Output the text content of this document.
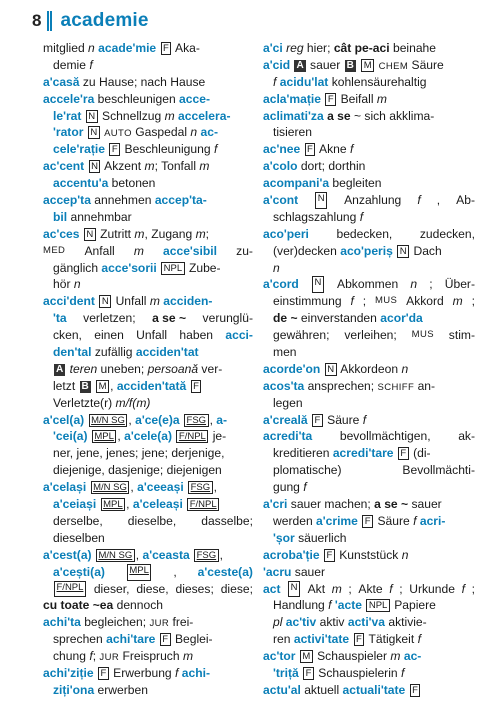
8 academie
mitglied n acade'mie F Aka-
demie f
a'casă zu Hause; nach Hause
accele'ra beschleunigen acce-
le'rat N Schnellzug m accelera-
'rator N AUTO Gaspedal n ac-
cele'rație F Beschleunigung f
ac'cent N Akzent m; Tonfall m
accentu'a betonen
accep'ta annehmen accep'ta-
bil annehmbar
ac'ces N Zutritt m, Zugang m;
MED Anfall m acce'sibil zu-
gänglich acce'sorii NPL Zube-
hör n
acci'dent N Unfall m acciden-
'ta verletzen; a se ~ verunglü-
cken, einen Unfall haben acci-
den'tal zufällig acciden'tat
A teren uneben; persoană ver-
letzt B M , acciden'tată F
Verletzte(r) m/f(m)
a'cel(a) M/N SG , a'ce(e)a FSG , a-
'cei(a) MPL , a'cele(a) F/NPL je-
ner, jene, jenes; jene; derjenige,
diejenige, dasjenige; diejenigen
a'celași M/N SG , a'ceeași FSG ,
a'ceiași MPL , a'celeași F/NPL
derselbe, dieselbe, dasselbe;
dieselben
a'cest(a) M/N SG , a'ceasta FSG ,
a'cești(a)	MPL , a'ceste(a)
F/NPL dieser, diese, dieses; diese;
cu toate ~ea dennoch
achi'ta begleichen; JUR frei-
sprechen achi'tare F Beglei-
chung f; JUR Freispruch m
achi'ziție F Erwerbung f achi-
ziți'ona erwerben
a'ci reg hier; cât pe-aci beinahe
a'cid A sauer B M CHEM Säure
f acidu'lat kohlensäurehaltig
acla'mație F Beifall m
aclimati'za a se ~ sich akklima-
tisieren
ac'nee F Akne f
a'colo dort; dorthin
acompani'a begleiten
a'cont N Anzahlung f , Ab-
schlagszahlung f
aco'peri bedecken, zudecken,
(ver)decken aco'periș N Dach
n
a'cord N Abkommen n ; Über-
einstimmung f ; MUS Akkord m ;
de ~ einverstanden acor'da
gewähren; verleihen; MUS stim-
men
acorde'on N Akkordeon n
acos'ta ansprechen; SCHIFF an-
legen
a'creală F Säure f
acredi'ta bevollmächtigen, ak-
kreditieren acredi'tare F (di-
plomatische)	Bevollmächti-
gung f
a'cri sauer machen; a se ~ sauer
werden a'crime F Säure f acri-
'șor säuerlich
acroba'ție F Kunststück n
'acru sauer
act N Akt m ; Akte f ; Urkunde f ;
Handlung f 'acte NPL Papiere
pl ac'tiv aktiv acti'va aktivie-
ren activi'tate F Tätigkeit f
ac'tor M Schauspieler m ac-
'triță F Schauspielerin f
actu'al aktuell actuali'tate F
